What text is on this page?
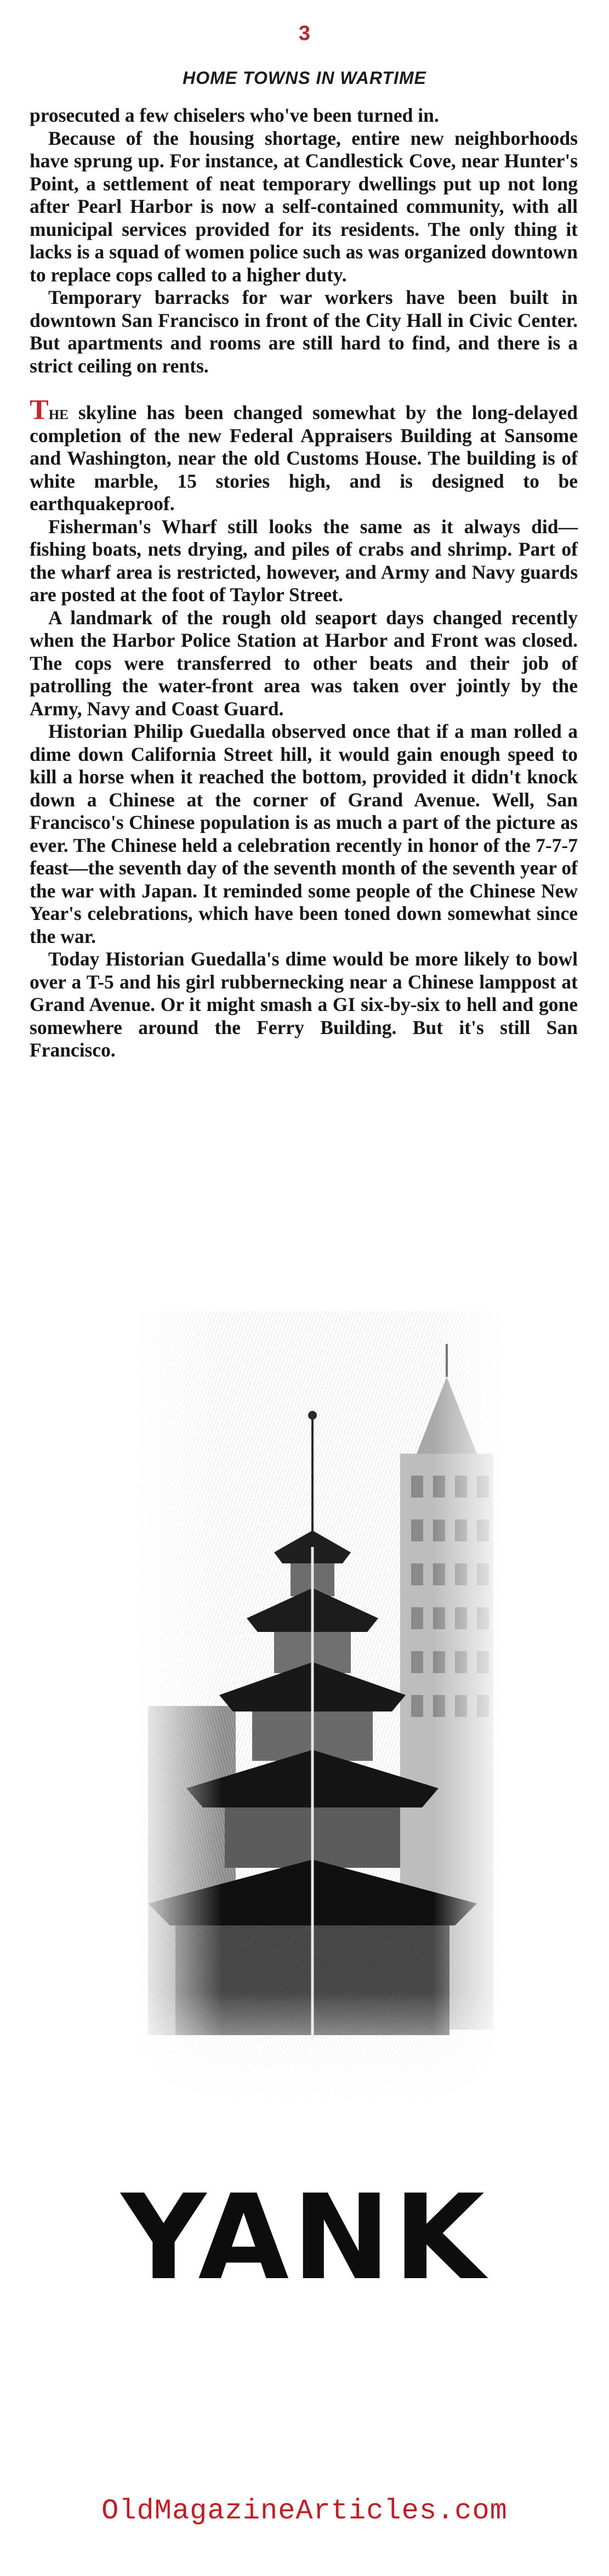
3
HOME TOWNS IN WARTIME

prosecuted a few chiselers who've been turned in.

Because of the housing shortage, entire new neighborhoods have sprung up. For instance, at Candlestick Cove, near Hunter's Point, a settlement of neat temporary dwellings put up not long after Pearl Harbor is now a self-contained community, with all municipal services provided for its residents. The only thing it lacks is a squad of women police such as was organized downtown to replace cops called to a higher duty.

Temporary barracks for war workers have been built in downtown San Francisco in front of the City Hall in Civic Center. But apartments and rooms are still hard to find, and there is a strict ceiling on rents.

The skyline has been changed somewhat by the long-delayed completion of the new Federal Appraisers Building at Sansome and Washington, near the old Customs House. The building is of white marble, 15 stories high, and is designed to be earthquakeproof.

Fisherman's Wharf still looks the same as it always did—fishing boats, nets drying, and piles of crabs and shrimp. Part of the wharf area is restricted, however, and Army and Navy guards are posted at the foot of Taylor Street.

A landmark of the rough old seaport days changed recently when the Harbor Police Station at Harbor and Front was closed. The cops were transferred to other beats and their job of patrolling the water-front area was taken over jointly by the Army, Navy and Coast Guard.

Historian Philip Guedalla observed once that if a man rolled a dime down California Street hill, it would gain enough speed to kill a horse when it reached the bottom, provided it didn't knock down a Chinese at the corner of Grand Avenue. Well, San Francisco's Chinese population is as much a part of the picture as ever. The Chinese held a celebration recently in honor of the 7-7-7 feast—the seventh day of the seventh month of the seventh year of the war with Japan. It reminded some people of the Chinese New Year's celebrations, which have been toned down somewhat since the war.

Today Historian Guedalla's dime would be more likely to bowl over a T-5 and his girl rubbernecking near a Chinese lamppost at Grand Avenue. Or it might smash a GI six-by-six to hell and gone somewhere around the Ferry Building. But it's still San Francisco.

YANK
OldMagazineArticles.com
